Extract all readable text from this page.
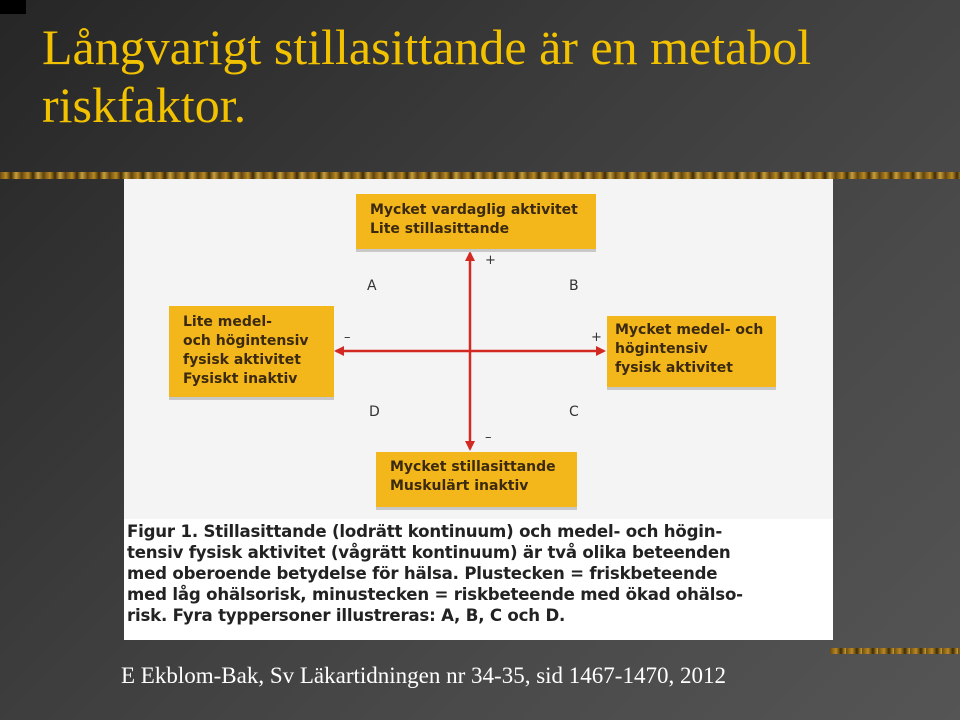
Långvarigt stillasittande är en metabol riskfaktor.
Mycket vardaglig aktivitet
Lite stillasittande
Lite medel-
och högintensiv
fysisk aktivitet
Fysiskt inaktiv
Mycket medel- och
högintensiv
fysisk aktivitet
Mycket stillasittande
Muskulärt inaktiv
A	B
C
D
+
–
–	+
Figur 1. Stillasittande (lodrätt kontinuum) och medel- och högin-
tensiv fysisk aktivitet (vågrätt kontinuum) är två olika beteenden
med oberoende betydelse för hälsa. Plustecken = friskbeteende
med låg ohälsorisk, minustecken = riskbeteende med ökad ohälso-
risk. Fyra typpersoner illustreras: A, B, C och D.
E Ekblom-Bak, Sv Läkartidningen nr 34-35, sid 1467-1470, 2012
